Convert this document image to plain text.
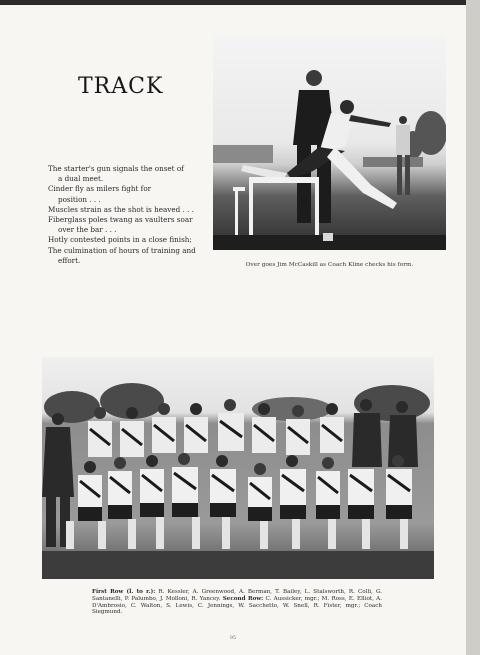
TRACK
The starter's gun signals the onset of
a dual meet.
Cinder fly as milers fight for
position . . .
Muscles strain as the shot is heaved . . .
Fiberglass poles twang as vaulters soar
over the bar . . .
Hotly contested points in a close finish;
The culmination of hours of training and
effort.
Over goes Jim McCaskill as Coach Kline checks his form.
First Row (l. to r.): R. Kessler, A. Greenwood, A. Berman, T. Bailey, L. Stalsworth, R. Colli, G. Santanelli, P. Palumbo, J. Molloni, R. Yancey. Second Row: C. Aussicker, mgr.; M. Ross, E. Elliot, A. D'Ambrosio, C. Walton, S. Lewis, C. Jennings, W. Sacchetto, W. Snell, R. Fister, mgr.; Coach Siegmund.
95
